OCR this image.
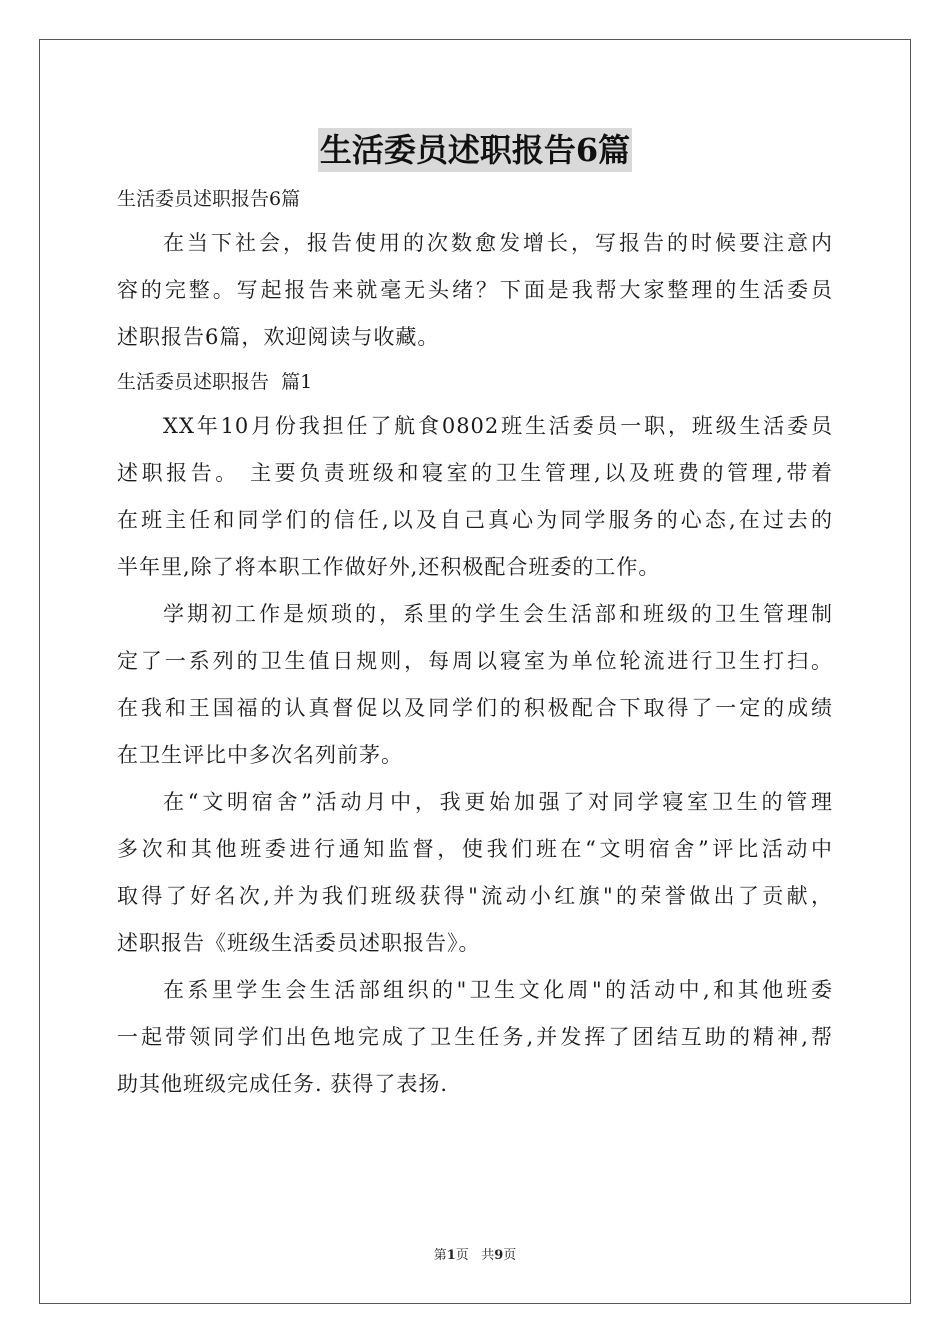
生活委员述职报告6篇
生活委员述职报告6篇
在当下社会，报告使用的次数愈发增长，写报告的时候要注意内
容的完整。写起报告来就毫无头绪？下面是我帮大家整理的生活委员
述职报告6篇，欢迎阅读与收藏。
生活委员述职报告  篇1
XX年10月份我担任了航食0802班生活委员一职，班级生活委员
述职报告。 主要负责班级和寝室的卫生管理,以及班费的管理,带着
在班主任和同学们的信任,以及自己真心为同学服务的心态,在过去的
半年里,除了将本职工作做好外,还积极配合班委的工作。
学期初工作是烦琐的，系里的学生会生活部和班级的卫生管理制
定了一系列的卫生值日规则，每周以寝室为单位轮流进行卫生打扫。
在我和王国福的认真督促以及同学们的积极配合下取得了一定的成绩
在卫生评比中多次名列前茅。
在“文明宿舍”活动月中，我更始加强了对同学寝室卫生的管理
多次和其他班委进行通知监督，使我们班在“文明宿舍”评比活动中
取得了好名次,并为我们班级获得"流动小红旗"的荣誉做出了贡献，
述职报告《班级生活委员述职报告》。
在系里学生会生活部组织的"卫生文化周"的活动中,和其他班委
一起带领同学们出色地完成了卫生任务,并发挥了团结互助的精神,帮
助其他班级完成任务. 获得了表扬.
第1页   共9页
